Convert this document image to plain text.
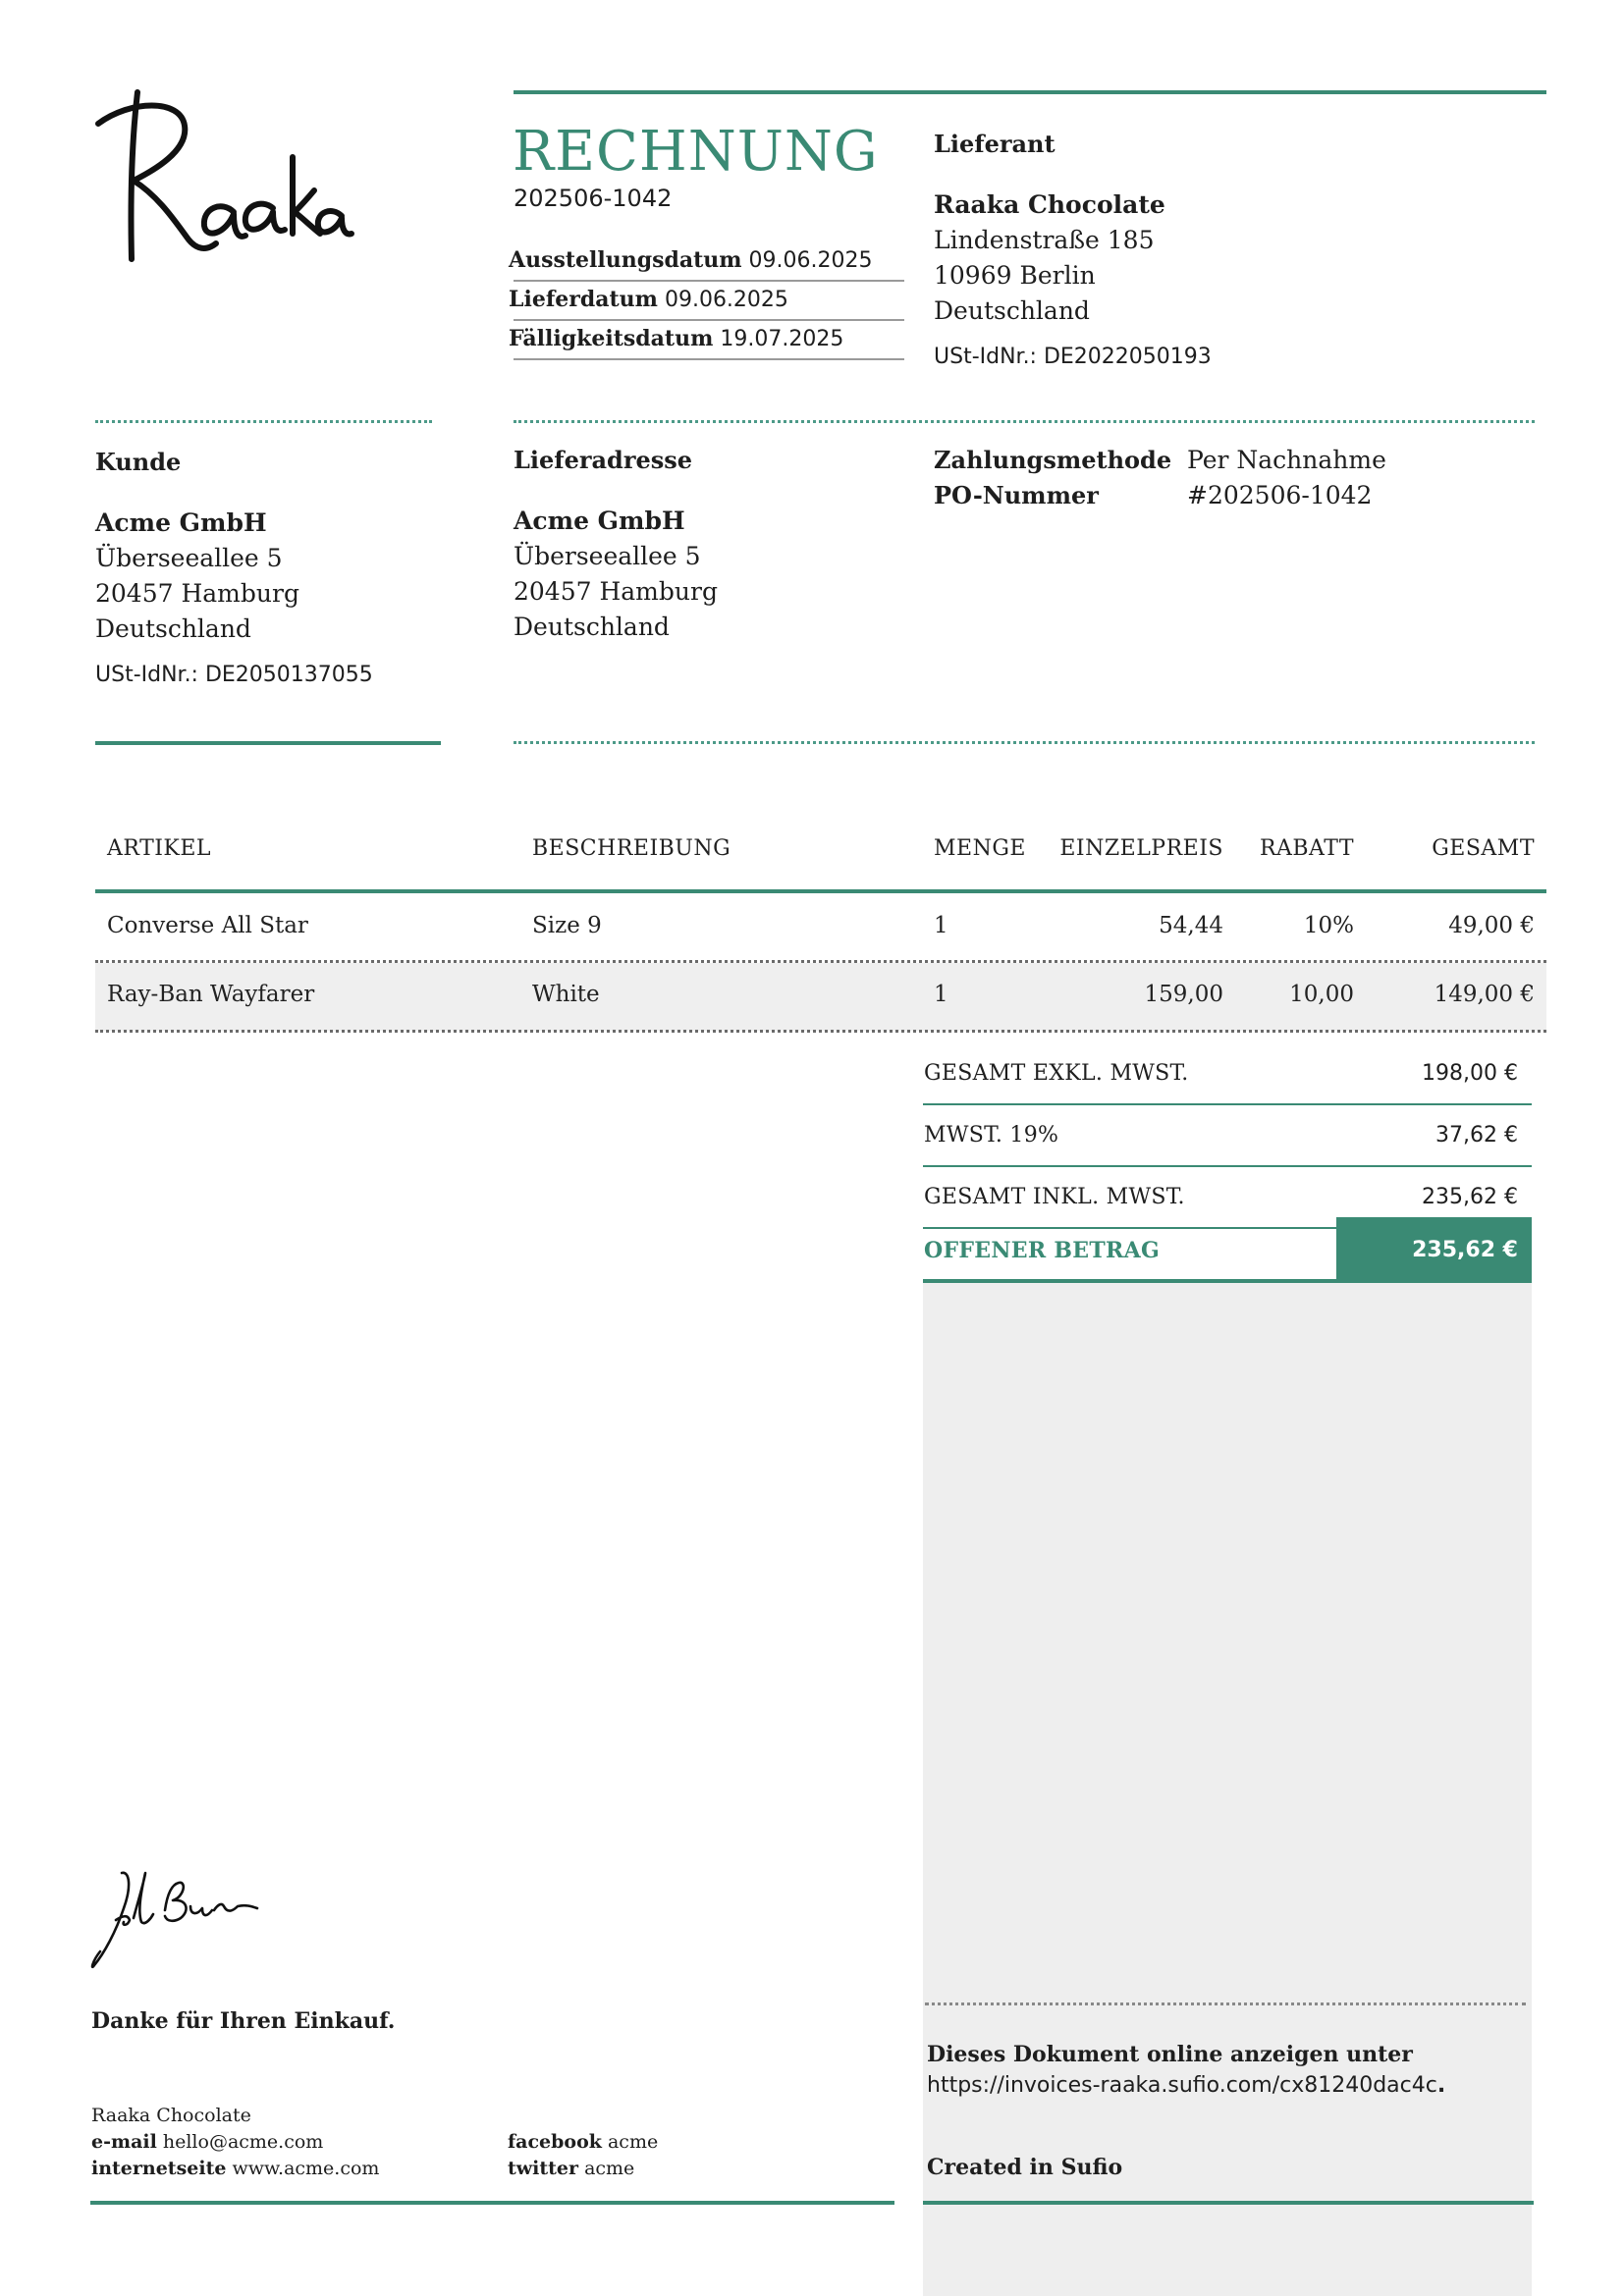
RECHNUNG
202506-1042
Ausstellungsdatum 09.06.2025
Lieferdatum 09.06.2025
Fälligkeitsdatum 19.07.2025
Lieferant
Raaka Chocolate
Lindenstraße 185
10969 Berlin
Deutschland
USt-IdNr.: DE2022050193
Kunde
Acme GmbH
Überseeallee 5
20457 Hamburg
Deutschland
USt-IdNr.: DE2050137055
Lieferadresse
Acme GmbH
Überseeallee 5
20457 Hamburg
Deutschland
Zahlungsmethode Per Nachnahme
PO-Nummer	#202506-1042
ARTIKEL	BESCHREIBUNG	MENGE	EINZELPREIS	RABATT	GESAMT
Converse All Star	Size 9	1	54,44	10%	49,00 €
Ray-Ban Wayfarer	White	1	159,00	10,00	149,00 €
GESAMT EXKL. MWST.	198,00 €
MWST. 19%	37,62 €
GESAMT INKL. MWST.	235,62 €
OFFENER BETRAG	235,62 €
Dieses Dokument online anzeigen unter
https://invoices-raaka.sufio.com/cx81240dac4c.
Created in Sufio
Danke für Ihren Einkauf.
Raaka Chocolate
e-mail hello@acme.com
internetseite www.acme.com
facebook acme
twitter acme
